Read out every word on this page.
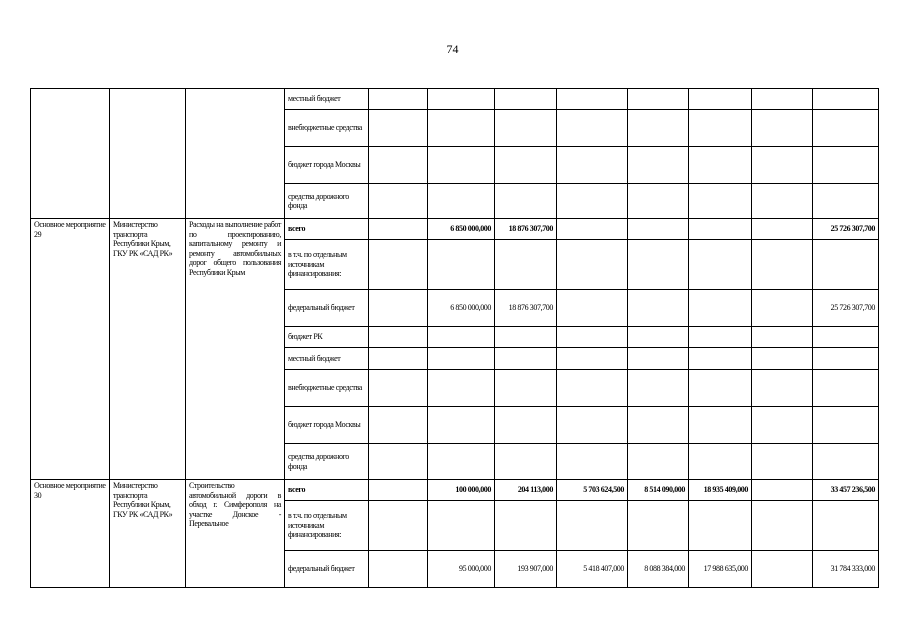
74
			местный бюджет								
			внебюджетные средства								
			бюджет города Москвы								
			средства дорожного фонда								
Основное мероприятие 29	Министерство транспорта Республики Крым, ГКУ РК «САД РК»	Расходы на выполнение работ по проектированию, капитальному ремонту и ремонту автомобильных дорог общего пользования Республики Крым	всего		6 850 000,000	18 876 307,700					25 726 307,700
			в т.ч. по отдельным источникам финансирования:								
			федеральный бюджет		6 850 000,000	18 876 307,700					25 726 307,700
			бюджет РК								
			местный бюджет								
			внебюджетные средства								
			бюджет города Москвы								
			средства дорожного фонда								
Основное мероприятие 30	Министерство транспорта Республики Крым, ГКУ РК «САД РК»	Строительство автомобильной дороги в обход г. Симферополя на участке Донское - Перевальное	всего		100 000,000	204 113,000	5 703 624,500	8 514 090,000	18 935 409,000		33 457 236,500
			в т.ч. по отдельным источникам финансирования:								
			федеральный бюджет		95 000,000	193 907,000	5 418 407,000	8 088 384,000	17 988 635,000		31 784 333,000
